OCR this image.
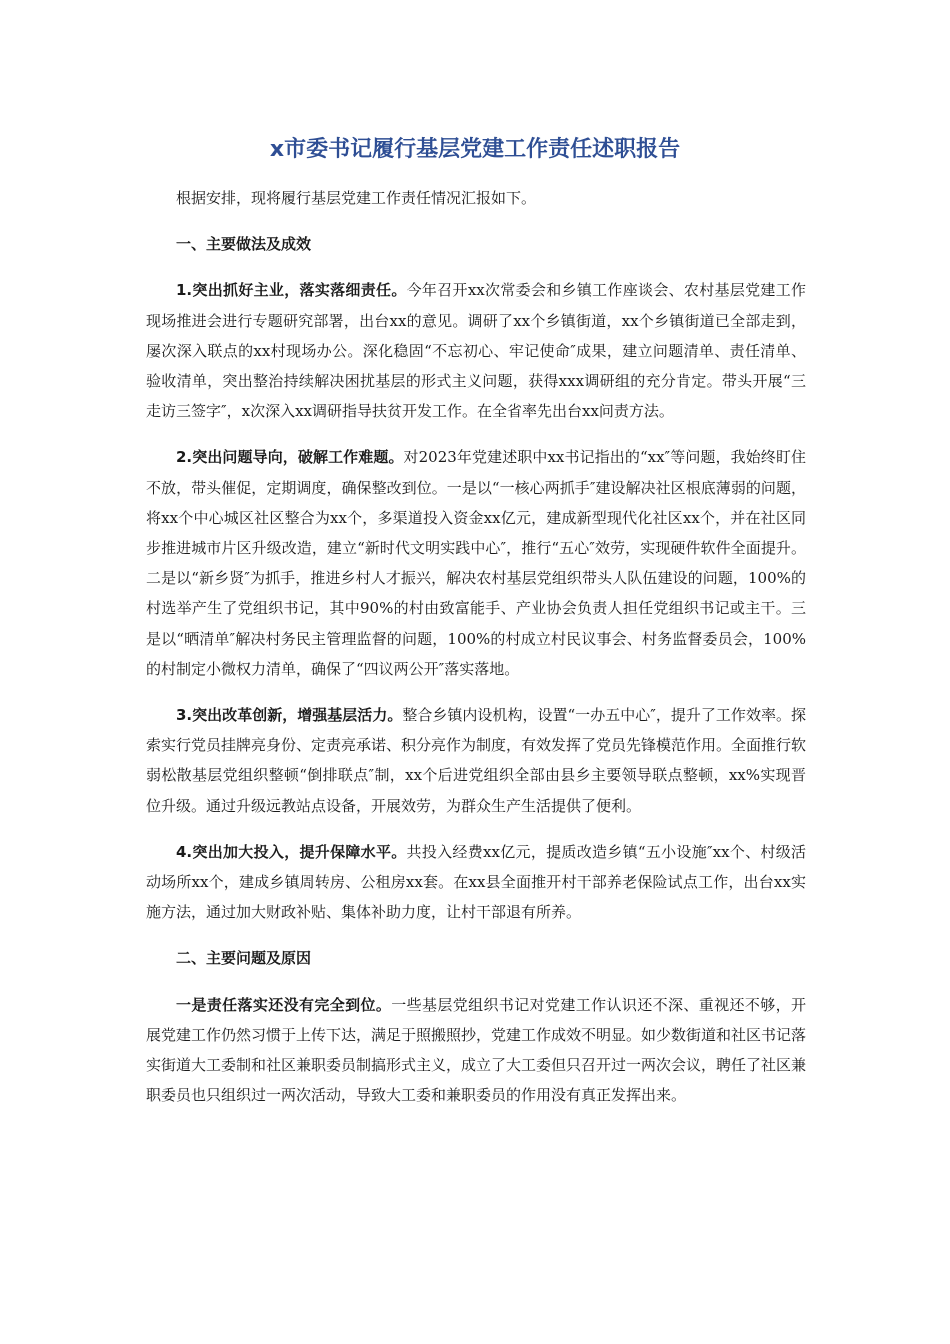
x市委书记履行基层党建工作责任述职报告

根据安排，现将履行基层党建工作责任情况汇报如下。

一、主要做法及成效

1.突出抓好主业，落实落细责任。今年召开xx次常委会和乡镇工作座谈会、农村基层党建工作现场推进会进行专题研究部署，出台xx的意见。调研了xx个乡镇街道，xx个乡镇街道已全部走到，屡次深入联点的xx村现场办公。深化稳固“不忘初心、牢记使命″成果，建立问题清单、责任清单、验收清单，突出整治持续解决困扰基层的形式主义问题，获得xxx调研组的充分肯定。带头开展“三走访三签字″，x次深入xx调研指导扶贫开发工作。在全省率先出台xx问责方法。

2.突出问题导向，破解工作难题。对2023年党建述职中xx书记指出的“xx″等问题，我始终盯住不放，带头催促，定期调度，确保整改到位。一是以“一核心两抓手″建设解决社区根底薄弱的问题，将xx个中心城区社区整合为xx个，多渠道投入资金xx亿元，建成新型现代化社区xx个，并在社区同步推进城市片区升级改造，建立“新时代文明实践中心″，推行“五心″效劳，实现硬件软件全面提升。二是以“新乡贤″为抓手，推进乡村人才振兴，解决农村基层党组织带头人队伍建设的问题，100%的村选举产生了党组织书记，其中90%的村由致富能手、产业协会负责人担任党组织书记或主干。三是以“晒清单″解决村务民主管理监督的问题，100%的村成立村民议事会、村务监督委员会，100%的村制定小微权力清单，确保了“四议两公开″落实落地。

3.突出改革创新，增强基层活力。整合乡镇内设机构，设置“一办五中心″，提升了工作效率。探索实行党员挂牌亮身份、定责亮承诺、积分亮作为制度，有效发挥了党员先锋模范作用。全面推行软弱松散基层党组织整顿“倒排联点″制，xx个后进党组织全部由县乡主要领导联点整顿，xx%实现晋位升级。通过升级远教站点设备，开展效劳，为群众生产生活提供了便利。

4.突出加大投入，提升保障水平。共投入经费xx亿元，提质改造乡镇“五小设施″xx个、村级活动场所xx个，建成乡镇周转房、公租房xx套。在xx县全面推开村干部养老保险试点工作，出台xx实施方法，通过加大财政补贴、集体补助力度，让村干部退有所养。

二、主要问题及原因

一是责任落实还没有完全到位。一些基层党组织书记对党建工作认识还不深、重视还不够，开展党建工作仍然习惯于上传下达，满足于照搬照抄，党建工作成效不明显。如少数街道和社区书记落实街道大工委制和社区兼职委员制搞形式主义，成立了大工委但只召开过一两次会议，聘任了社区兼职委员也只组织过一两次活动，导致大工委和兼职委员的作用没有真正发挥出来。
